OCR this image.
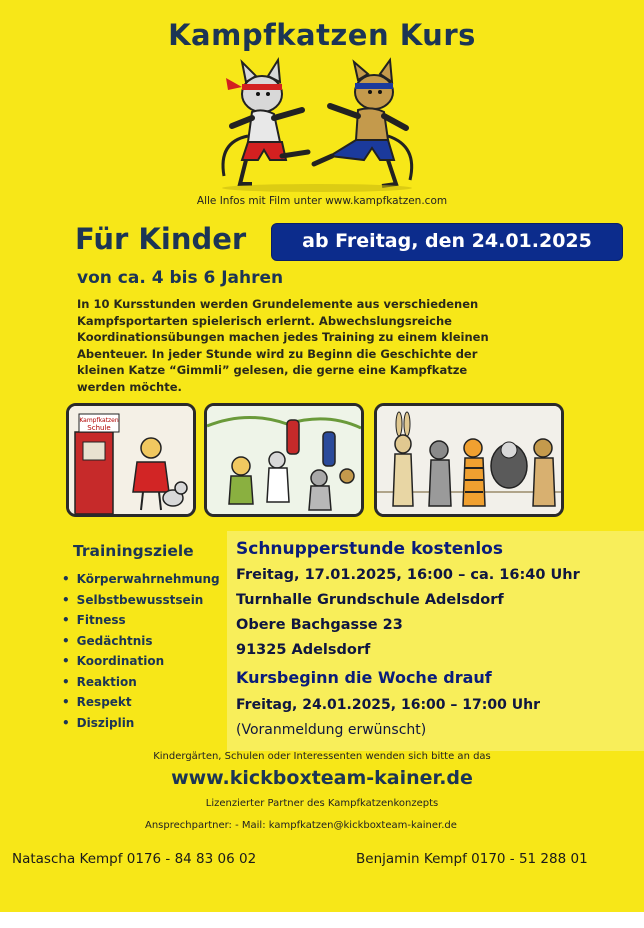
Kampfkatzen Kurs
Alle Infos mit Film unter www.kampfkatzen.com
Für Kinder	ab Freitag, den 24.01.2025
von ca. 4 bis 6 Jahren
In 10 Kursstunden werden Grundelemente aus verschiedenen Kampfsportarten spielerisch erlernt. Abwechslungsreiche Koordinationsübungen machen jedes Training zu einem kleinen Abenteuer. In jeder Stunde wird zu Beginn die Geschichte der kleinen Katze “Gimmli” gelesen, die gerne eine Kampfkatze werden möchte.
Kampfkatzen
Schule
Trainingsziele
• Körperwahrnehmung
• Selbstbewusstsein
• Fitness
• Gedächtnis
• Koordination
• Reaktion
• Respekt
• Disziplin
Schnupperstunde kostenlos
Freitag, 17.01.2025, 16:00 – ca. 16:40 Uhr
Turnhalle Grundschule Adelsdorf
Obere Bachgasse 23
91325 Adelsdorf
Kursbeginn die Woche drauf
Freitag, 24.01.2025, 16:00 – 17:00 Uhr
(Voranmeldung erwünscht)
Kindergärten, Schulen oder Interessenten wenden sich bitte an das
www.kickboxteam-kainer.de
Lizenzierter Partner des Kampfkatzenkonzepts
Ansprechpartner: - Mail: kampfkatzen@kickboxteam-kainer.de
Natascha Kempf 0176 - 84 83 06 02	Benjamin Kempf 0170 - 51 288 01
